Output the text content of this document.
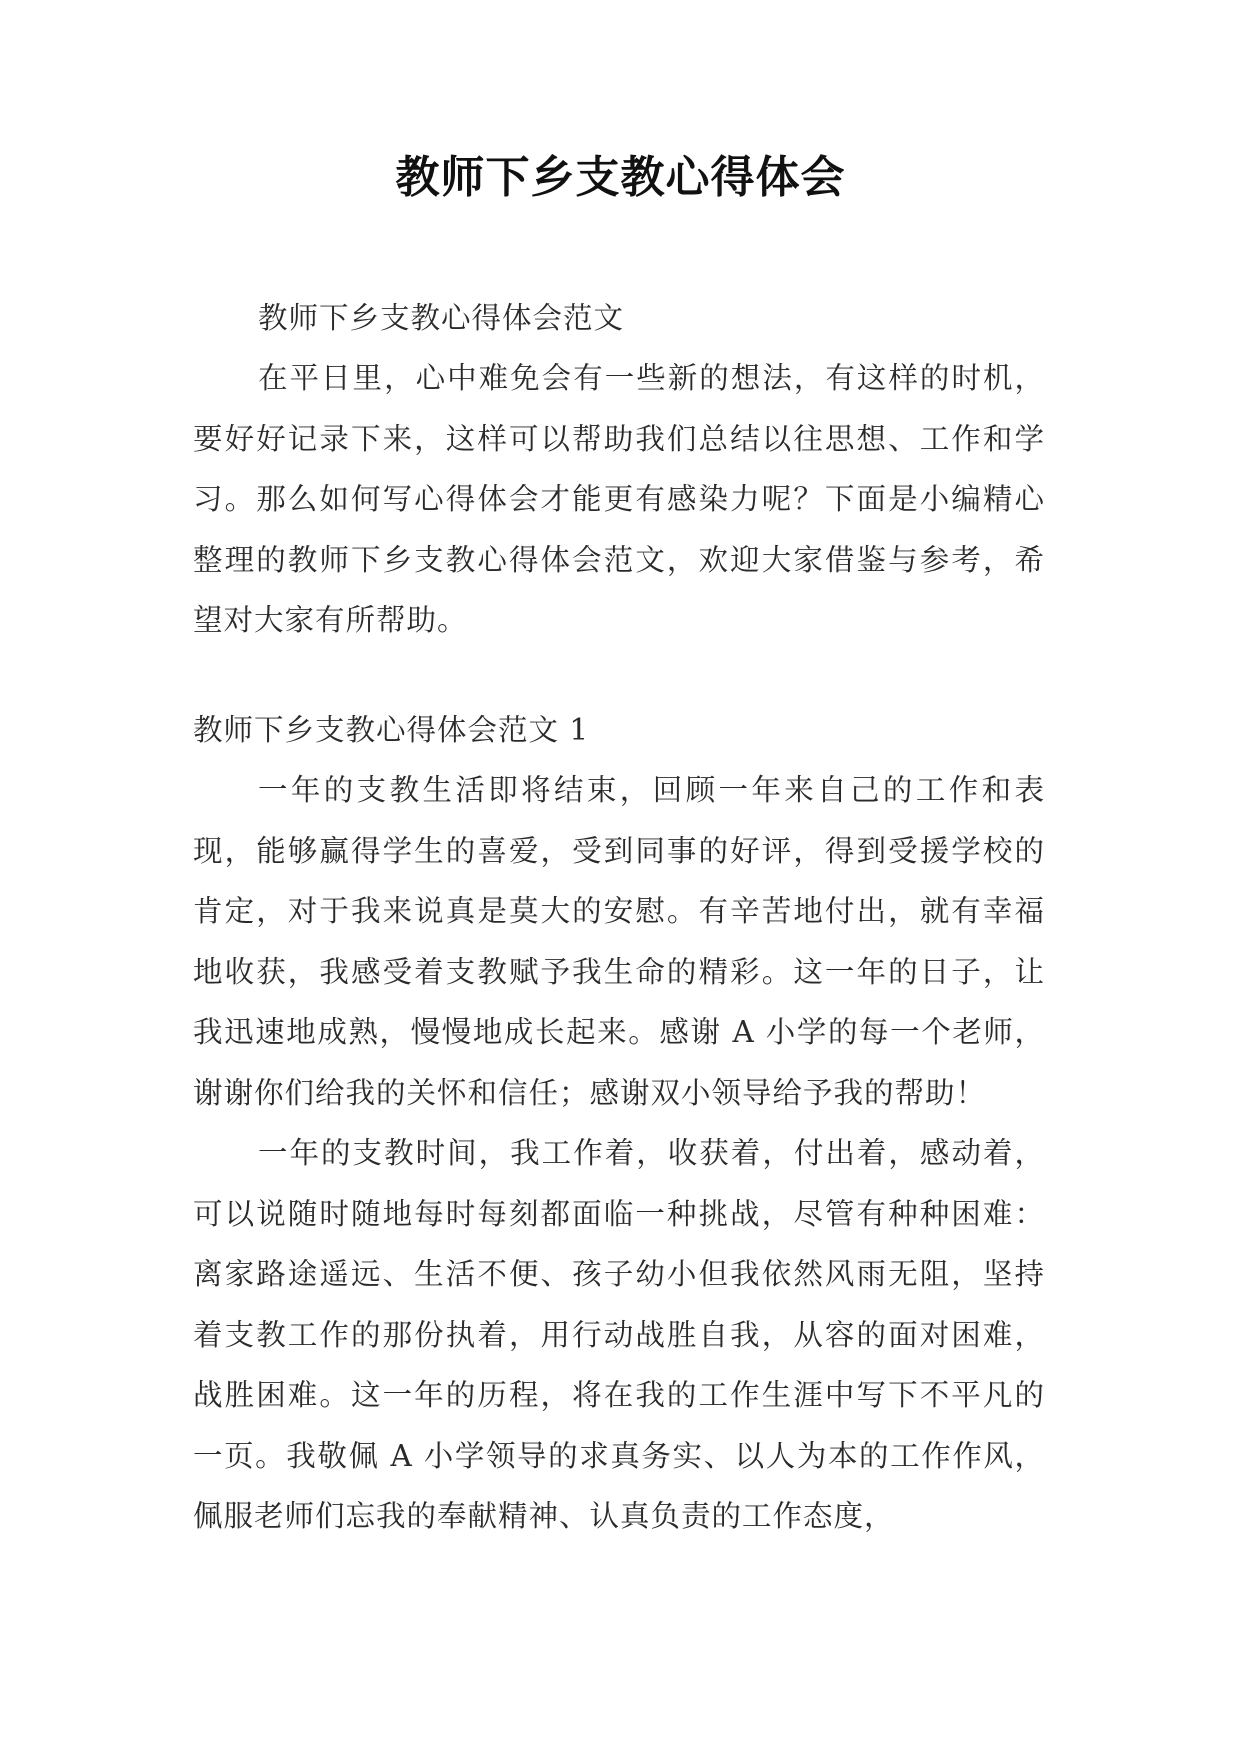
教师下乡支教心得体会
教师下乡支教心得体会范文

在平日里，心中难免会有一些新的想法，有这样的时机，要好好记录下来，这样可以帮助我们总结以往思想、工作和学习。那么如何写心得体会才能更有感染力呢？下面是小编精心整理的教师下乡支教心得体会范文，欢迎大家借鉴与参考，希望对大家有所帮助。

教师下乡支教心得体会范文 1

一年的支教生活即将结束，回顾一年来自己的工作和表现，能够赢得学生的喜爱，受到同事的好评，得到受援学校的肯定，对于我来说真是莫大的安慰。有辛苦地付出，就有幸福地收获，我感受着支教赋予我生命的精彩。这一年的日子，让我迅速地成熟，慢慢地成长起来。感谢 A 小学的每一个老师，谢谢你们给我的关怀和信任；感谢双小领导给予我的帮助！

一年的支教时间，我工作着，收获着，付出着，感动着，可以说随时随地每时每刻都面临一种挑战，尽管有种种困难：离家路途遥远、生活不便、孩子幼小但我依然风雨无阻，坚持着支教工作的那份执着，用行动战胜自我，从容的面对困难，战胜困难。这一年的历程，将在我的工作生涯中写下不平凡的一页。我敬佩 A 小学领导的求真务实、以人为本的工作作风，佩服老师们忘我的奉献精神、认真负责的工作态度，
